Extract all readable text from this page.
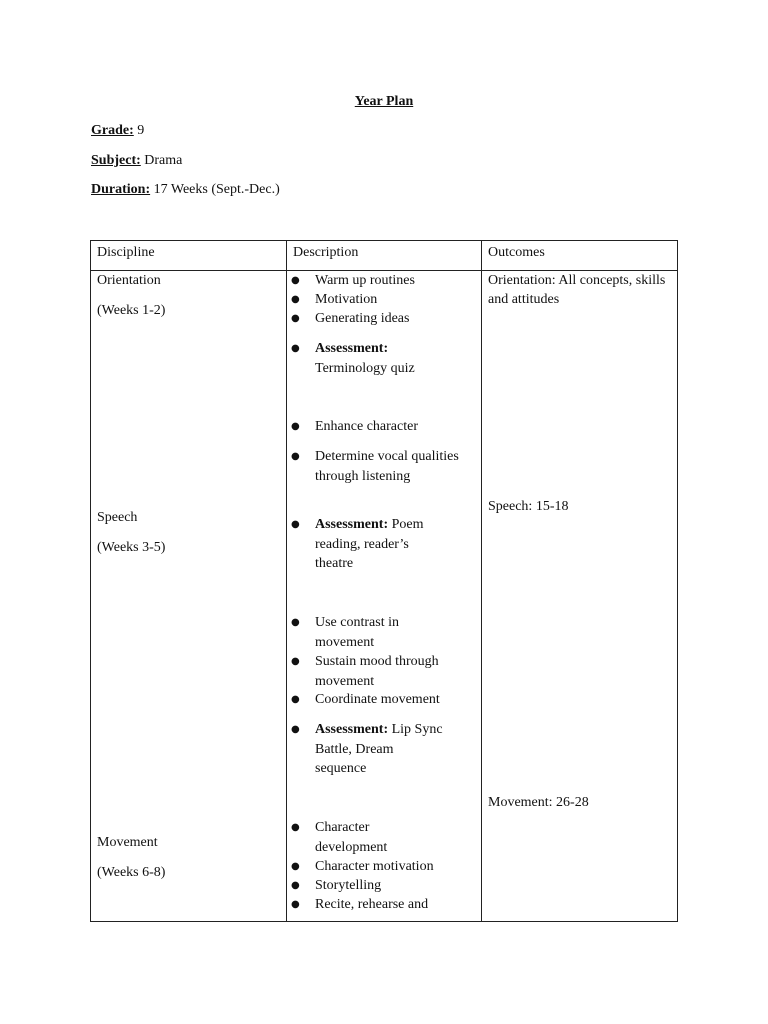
Year Plan
Grade: 9
Subject: Drama
Duration: 17 Weeks (Sept.-Dec.)
Discipline	Description	Outcomes
Orientation
(Weeks 1-2)
Speech
(Weeks 3-5)
Movement
(Weeks 6-8)
Orientation: All concepts, skills and attitudes
Speech: 15-18
Movement: 26-28
● Warm up routines
● Motivation
● Generating ideas
● Assessment:
Terminology quiz
● Enhance character
● Determine vocal qualities through listening
● Assessment: Poem reading, reader’s theatre
● Use contrast in movement
● Sustain mood through movement
● Coordinate movement
● Assessment: Lip Sync Battle, Dream sequence
● Character development
● Character motivation
● Storytelling
● Recite, rehearse and
